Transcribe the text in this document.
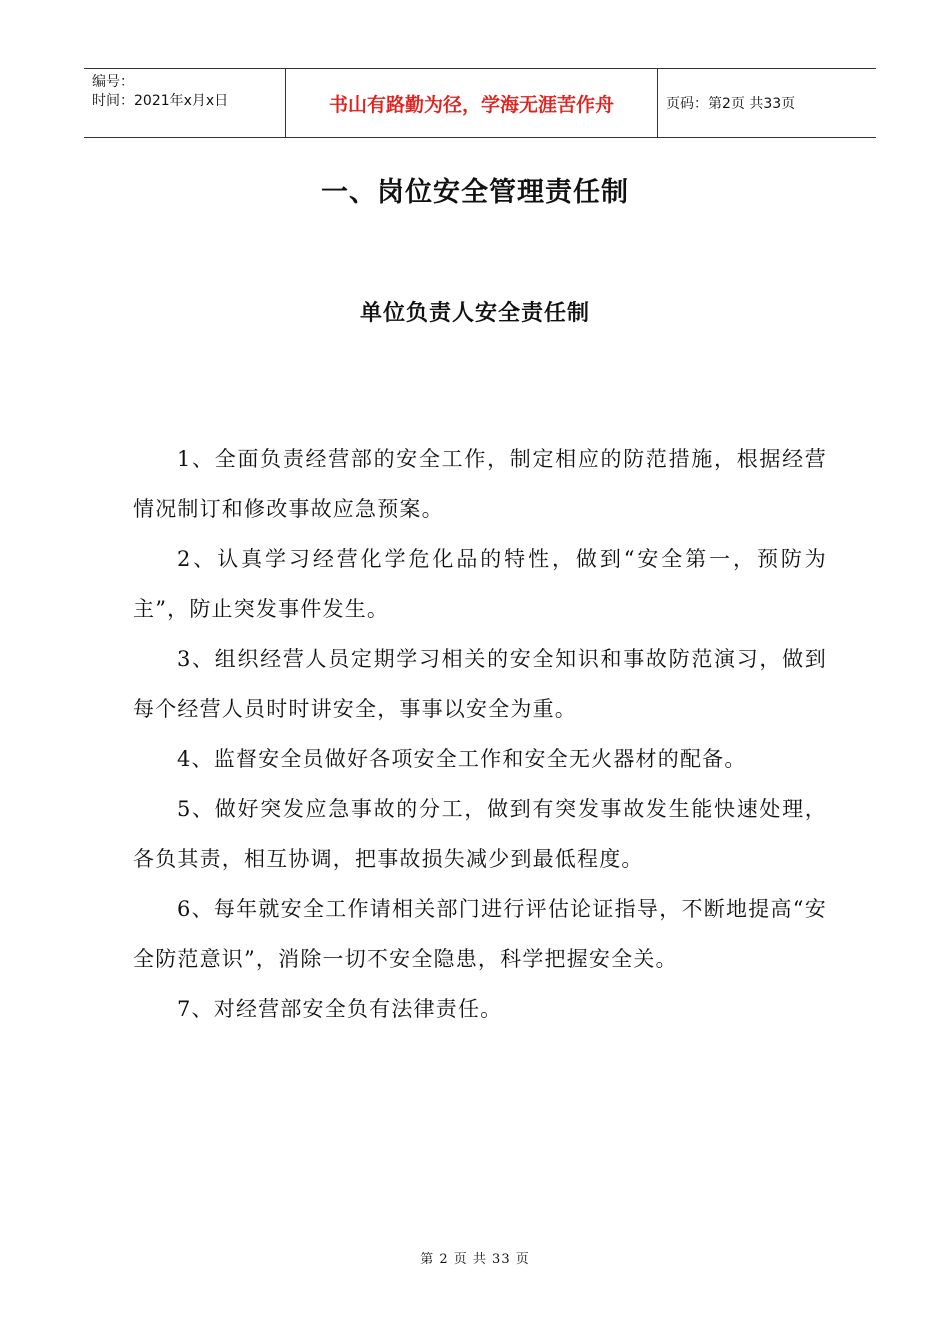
编号：
时间：2021年x月x日	书山有路勤为径，学海无涯苦作舟	页码：第2页 共33页
一、岗位安全管理责任制
单位负责人安全责任制

1、全面负责经营部的安全工作，制定相应的防范措施，根据经营情况制订和修改事故应急预案。

2、认真学习经营化学危化品的特性，做到“安全第一，预防为主”，防止突发事件发生。

3、组织经营人员定期学习相关的安全知识和事故防范演习，做到每个经营人员时时讲安全，事事以安全为重。

4、监督安全员做好各项安全工作和安全无火器材的配备。

5、做好突发应急事故的分工，做到有突发事故发生能快速处理，各负其责，相互协调，把事故损失减少到最低程度。

6、每年就安全工作请相关部门进行评估论证指导，不断地提高“安全防范意识”，消除一切不安全隐患，科学把握安全关。

7、对经营部安全负有法律责任。

第 2 页 共 33 页
